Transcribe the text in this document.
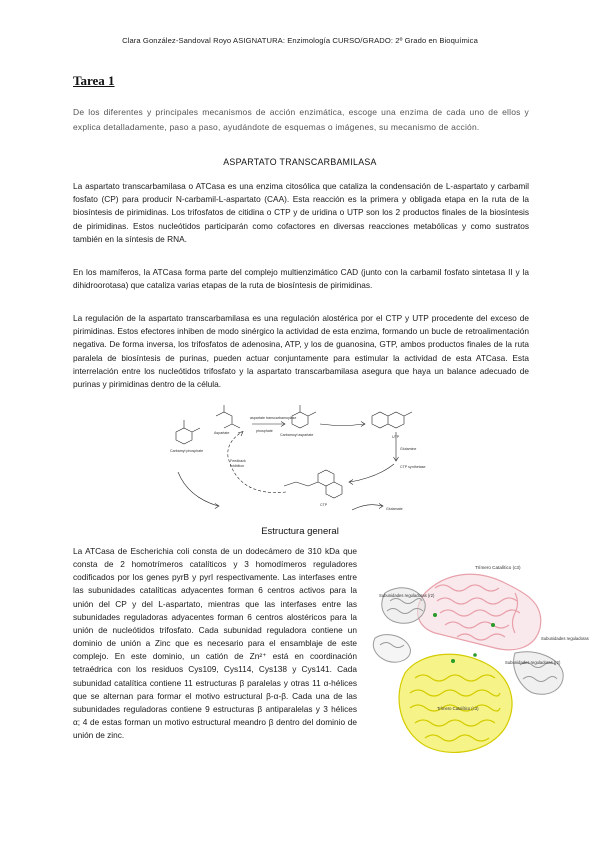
Clara González-Sandoval Royo ASIGNATURA: Enzimología CURSO/GRADO: 2º Grado en Bioquímica
Tarea 1
De los diferentes y principales mecanismos de acción enzimática, escoge una enzima de cada uno de ellos y explica detalladamente, paso a paso, ayudándote de esquemas o imágenes, su mecanismo de acción.
ASPARTATO TRANSCARBAMILASA
La aspartato transcarbamilasa o ATCasa es una enzima citosólica que cataliza la condensación de L-aspartato y carbamil fosfato (CP) para producir N-carbamil-L-aspartato (CAA). Esta reacción es la primera y obligada etapa en la ruta de la biosíntesis de pirimidinas. Los trifosfatos de citidina o CTP y de uridina o UTP son los 2 productos finales de la biosíntesis de pirimidinas. Estos nucleótidos participarán como cofactores en diversas reacciones metabólicas y como sustratos también en la síntesis de RNA.
En los mamíferos, la ATCasa forma parte del complejo multienzimático CAD (junto con la carbamil fosfato sintetasa II y la dihidroorotasa) que cataliza varias etapas de la ruta de biosíntesis de pirimidinas.
La regulación de la aspartato transcarbamilasa es una regulación alostérica por el CTP y UTP procedente del exceso de pirimidinas. Estos efectores inhiben de modo sinérgico la actividad de esta enzima, formando un bucle de retroalimentación negativa. De forma inversa, los trifosfatos de adenosina, ATP, y los de guanosina, GTP, ambos productos finales de la ruta paralela de biosíntesis de purinas, pueden actuar conjuntamente para estimular la actividad de esta ATCasa. Esta interrelación entre los nucleótidos trifosfato y la aspartato transcarbamilasa asegura que haya un balance adecuado de purinas y pirimidinas dentro de la célula.
Carbamyl phosphate
Aspartate
aspartate transcarbamoylase
phosphate
Carbamoyl aspartate
Feedback
inhibition
UTP
Glutamine
CTP synthetase
CTP
Glutamate
Estructura general
La ATCasa de Escherichia coli consta de un dodecámero de 310 kDa que consta de 2 homotrímeros catalíticos y 3 homodímeros reguladores codificados por los genes pyrB y pyrI respectivamente. Las interfases entre las subunidades catalíticas adyacentes forman 6 centros activos para la unión del CP y del L-aspartato, mientras que las interfases entre las subunidades reguladoras adyacentes forman 6 centros alostéricos para la unión de nucleótidos trifosfato. Cada subunidad reguladora contiene un dominio de unión a Zinc que es necesario para el ensamblaje de este complejo. En este dominio, un catión de Zn²⁺ está en coordinación tetraédrica con los residuos Cys109, Cys114, Cys138 y Cys141. Cada subunidad catalítica contiene 11 estructuras β paralelas y otras 11 α-hélices que se alternan para formar el motivo estructural β-α-β. Cada una de las subunidades reguladoras contiene 9 estructuras β antiparalelas y 3 hélices α; 4 de estas forman un motivo estructural meandro β dentro del dominio de unión de zinc.
Trímero Catalítico (c3)
Subunidades reguladoras (r2)
Subunidades reguladoras
Subunidades reguladoras (r2)
Trímero Catalítico (c3)
